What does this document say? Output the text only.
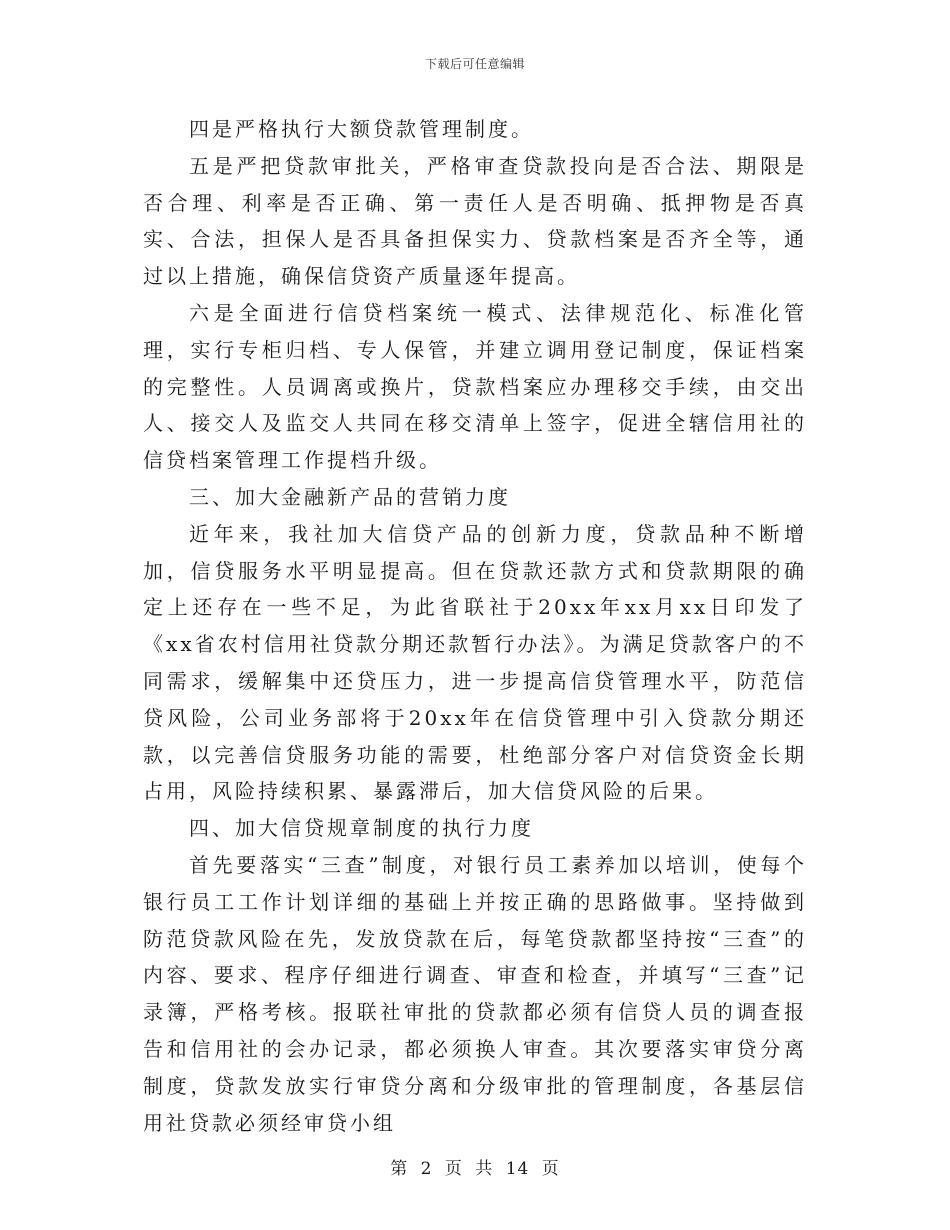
下载后可任意编辑

四是严格执行大额贷款管理制度。

五是严把贷款审批关，严格审查贷款投向是否合法、期限是否合理、利率是否正确、第一责任人是否明确、抵押物是否真实、合法，担保人是否具备担保实力、贷款档案是否齐全等，通过以上措施，确保信贷资产质量逐年提高。

六是全面进行信贷档案统一模式、法律规范化、标准化管理，实行专柜归档、专人保管，并建立调用登记制度，保证档案的完整性。人员调离或换片，贷款档案应办理移交手续，由交出人、接交人及监交人共同在移交清单上签字，促进全辖信用社的信贷档案管理工作提档升级。

三、加大金融新产品的营销力度

近年来，我社加大信贷产品的创新力度，贷款品种不断增加，信贷服务水平明显提高。但在贷款还款方式和贷款期限的确定上还存在一些不足，为此省联社于20xx年xx月xx日印发了《xx省农村信用社贷款分期还款暂行办法》。为满足贷款客户的不同需求，缓解集中还贷压力，进一步提高信贷管理水平，防范信贷风险，公司业务部将于20xx年在信贷管理中引入贷款分期还款，以完善信贷服务功能的需要，杜绝部分客户对信贷资金长期占用，风险持续积累、暴露滞后，加大信贷风险的后果。

四、加大信贷规章制度的执行力度

首先要落实“三查”制度，对银行员工素养加以培训，使每个银行员工工作计划详细的基础上并按正确的思路做事。坚持做到防范贷款风险在先，发放贷款在后，每笔贷款都坚持按“三查”的内容、要求、程序仔细进行调查、审查和检查，并填写“三查”记录簿，严格考核。报联社审批的贷款都必须有信贷人员的调查报告和信用社的会办记录，都必须换人审查。其次要落实审贷分离制度，贷款发放实行审贷分离和分级审批的管理制度，各基层信用社贷款必须经审贷小组

第 2 页 共 14 页
